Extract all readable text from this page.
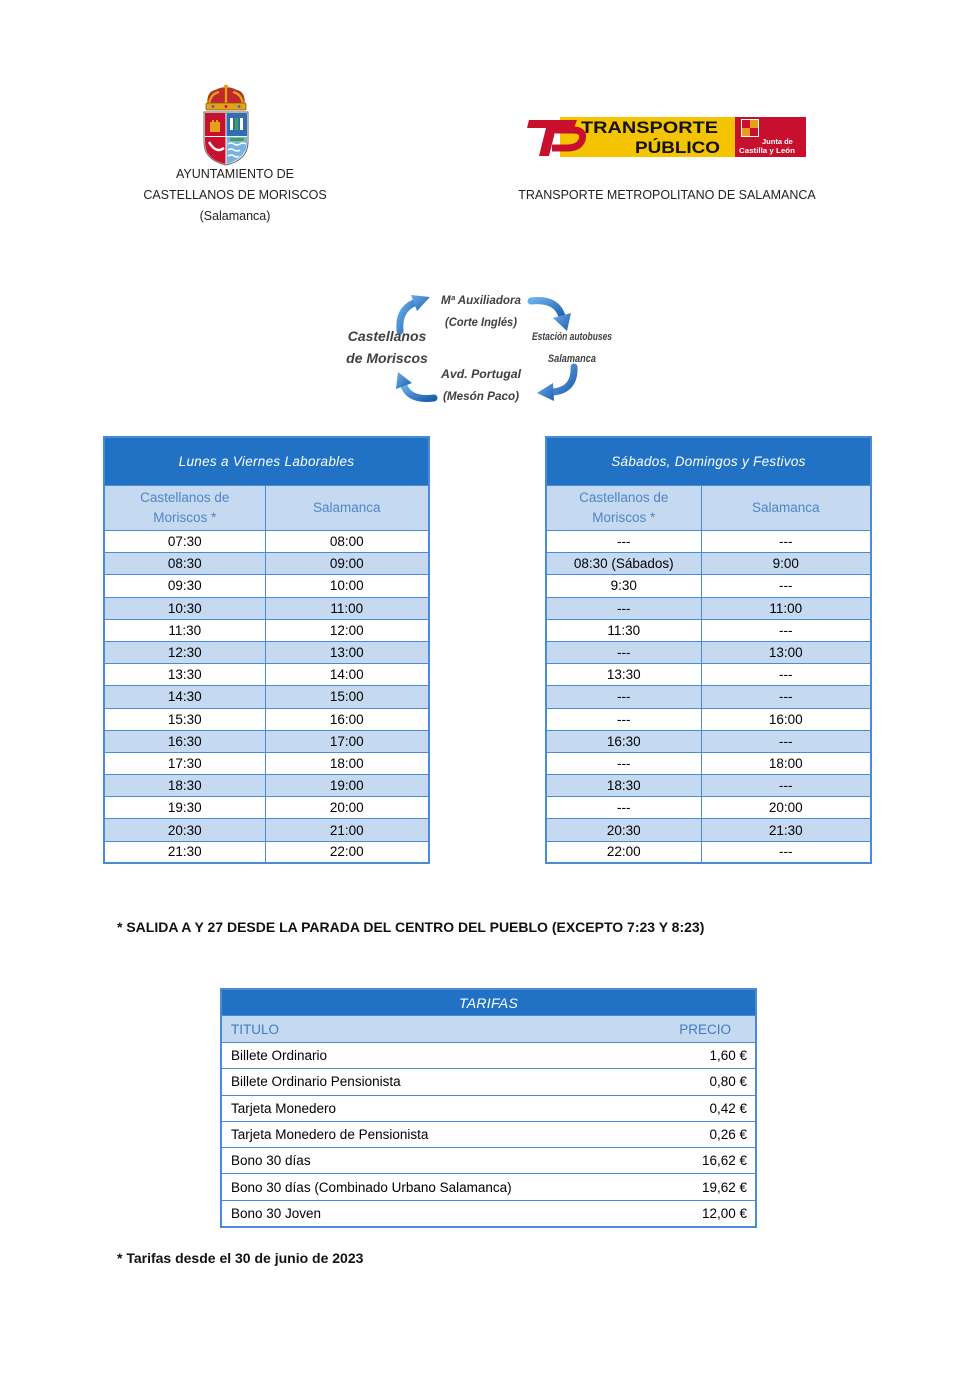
AYUNTAMIENTO DE
CASTELLANOS DE MORISCOS
(Salamanca)
TRANSPORTE
PÚBLICO	Junta de
Castilla y León
TRANSPORTE METROPOLITANO DE SALAMANCA
Castellanos
de Moriscos
Mª Auxiliadora
(Corte Inglés)
Estación autobuses
Salamanca
Avd. Portugal
(Mesón Paco)
Lunes a Viernes Laborables	
Castellanos de Moriscos *	Salamanca
07:30	08:00
08:30	09:00
09:30	10:00
10:30	11:00
11:30	12:00
12:30	13:00
13:30	14:00
14:30	15:00
15:30	16:00
16:30	17:00
17:30	18:00
18:30	19:00
19:30	20:00
20:30	21:00
21:30	22:00
Sábados, Domingos y Festivos	
Castellanos de Moriscos *	Salamanca
---	---
08:30 (Sábados)	9:00
9:30	---
---	11:00
11:30	---
---	13:00
13:30	---
---	---
---	16:00
16:30	---
---	18:00
18:30	---
---	20:00
20:30	21:30
22:00	---
* SALIDA A Y 27 DESDE LA PARADA DEL CENTRO DEL PUEBLO (EXCEPTO 7:23 Y 8:23)
TARIFAS	
TITULO	PRECIO
Billete Ordinario	1,60 €
Billete Ordinario Pensionista	0,80 €
Tarjeta Monedero	0,42 €
Tarjeta Monedero de Pensionista	0,26 €
Bono 30 días	16,62 €
Bono 30 días (Combinado Urbano Salamanca)	19,62 €
Bono 30 Joven	12,00 €
* Tarifas desde el 30 de junio de 2023
